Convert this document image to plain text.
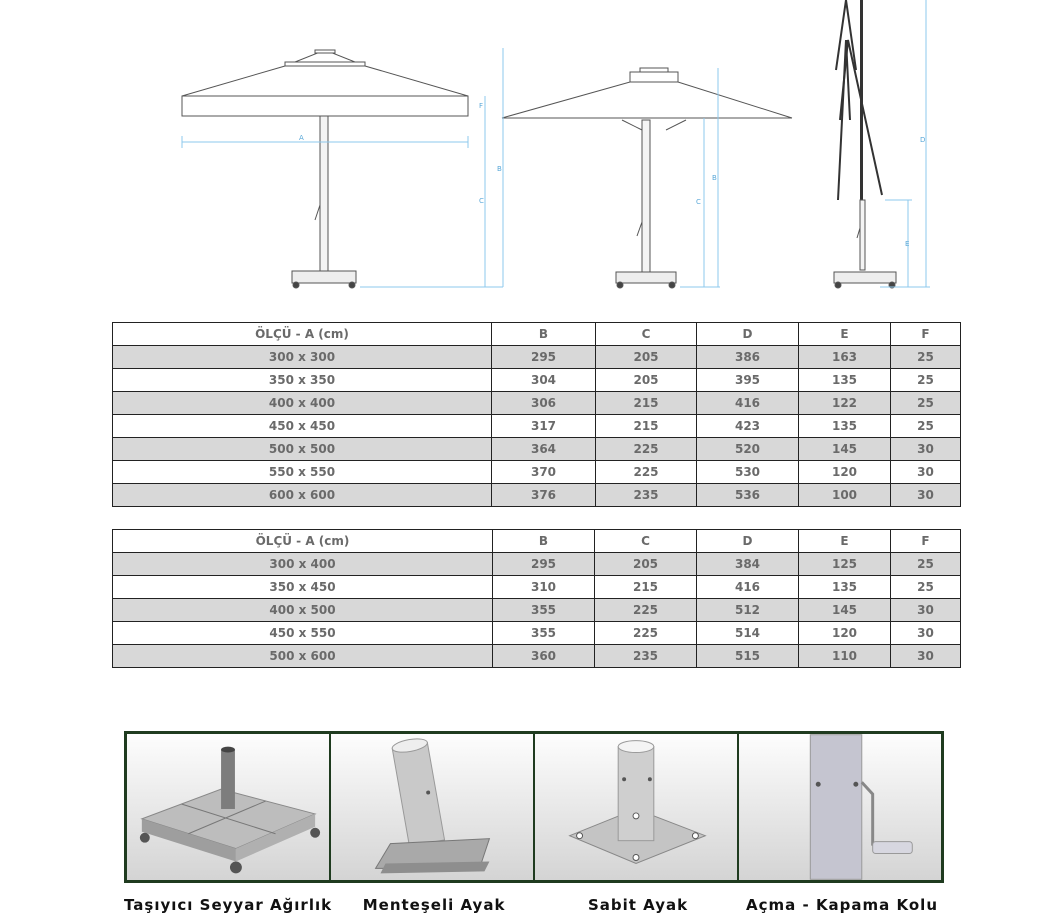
A
F
C
B
C
B
E
D
ÖLÇÜ - A (cm)	B	C	D	E	F
300 x 300	295	205	386	163	25
350 x 350	304	205	395	135	25
400 x 400	306	215	416	122	25
450 x 450	317	215	423	135	25
500 x 500	364	225	520	145	30
550 x 550	370	225	530	120	30
600 x 600	376	235	536	100	30
ÖLÇÜ - A (cm)	B	C	D	E	F
300 x 400	295	205	384	125	25
350 x 450	310	215	416	135	25
400 x 500	355	225	512	145	30
450 x 550	355	225	514	120	30
500 x 600	360	235	515	110	30
Taşıyıcı Seyyar Ağırlık	Menteşeli Ayak	Sabit Ayak	Açma - Kapama Kolu
